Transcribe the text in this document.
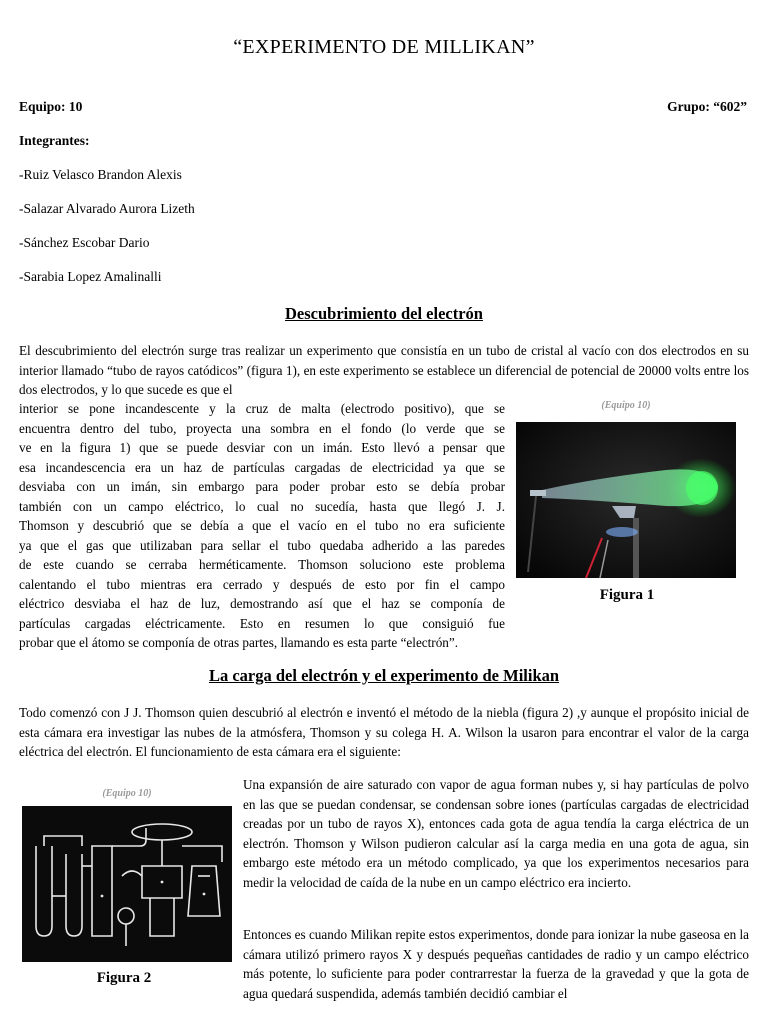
“EXPERIMENTO DE MILLIKAN”
Equipo: 10	Grupo: “602”
Integrantes:
-Ruiz Velasco Brandon Alexis
-Salazar Alvarado Aurora Lizeth
-Sánchez Escobar Dario
-Sarabia Lopez Amalinalli
Descubrimiento del electrón
El descubrimiento del electrón surge tras realizar un experimento que consistía en un tubo de cristal al vacío con dos electrodos en su interior llamado “tubo de rayos catódicos” (figura 1), en este experimento se establece un diferencial de potencial de 20000 volts entre los dos electrodos, y lo que sucede es que el
interior se pone incandescente y la cruz de malta (electrodo positivo), que se
encuentra dentro del tubo, proyecta una sombra en el fondo (lo verde que se
ve en la figura 1) que se puede desviar con un imán. Esto llevó a pensar que
esa incandescencia era un haz de partículas cargadas de electricidad ya que se
desviaba con un imán, sin embargo para poder probar esto se debía probar
también con un campo eléctrico, lo cual no sucedía, hasta que llegó J. J.
Thomson y descubrió que se debía a que el vacío en el tubo no era suficiente
ya que el gas que utilizaban para sellar el tubo quedaba adherido a las paredes
de este cuando se cerraba herméticamente. Thomson soluciono este problema
calentando el tubo mientras era cerrado y después de esto por fin el campo
eléctrico desviaba el haz de luz, demostrando así que el haz se componía de
partículas cargadas eléctricamente. Esto en resumen lo que consiguió fue
probar que el átomo se componía de otras partes, llamando es esta parte “electrón”.
(Equipo 10)
Figura 1
La carga del electrón y el experimento de Milikan
Todo comenzó con J J. Thomson quien descubrió al electrón e inventó el método de la niebla (figura 2) ,y aunque el propósito inicial de esta cámara era investigar las nubes de la atmósfera, Thomson y su colega H. A. Wilson la usaron para encontrar el valor de la carga eléctrica del electrón. El funcionamiento de esta cámara era el siguiente:
(Equipo 10)
Figura 2
Una expansión de aire saturado con vapor de agua forman nubes y, si hay partículas de polvo en las que se puedan condensar, se condensan sobre iones (partículas cargadas de electricidad creadas por un tubo de rayos X), entonces cada gota de agua tendía la carga eléctrica de un electrón. Thomson y Wilson pudieron calcular así la carga media en una gota de agua, sin embargo este método era un método complicado, ya que los experimentos necesarios para medir la velocidad de caída de la nube en un campo eléctrico era incierto.
Entonces es cuando Milikan repite estos experimentos, donde para ionizar la nube gaseosa en la cámara utilizó primero rayos X y después pequeñas cantidades de radio y un campo eléctrico más potente, lo suficiente para poder contrarrestar la fuerza de la gravedad y que la gota de agua quedará suspendida, además también decidió cambiar el
